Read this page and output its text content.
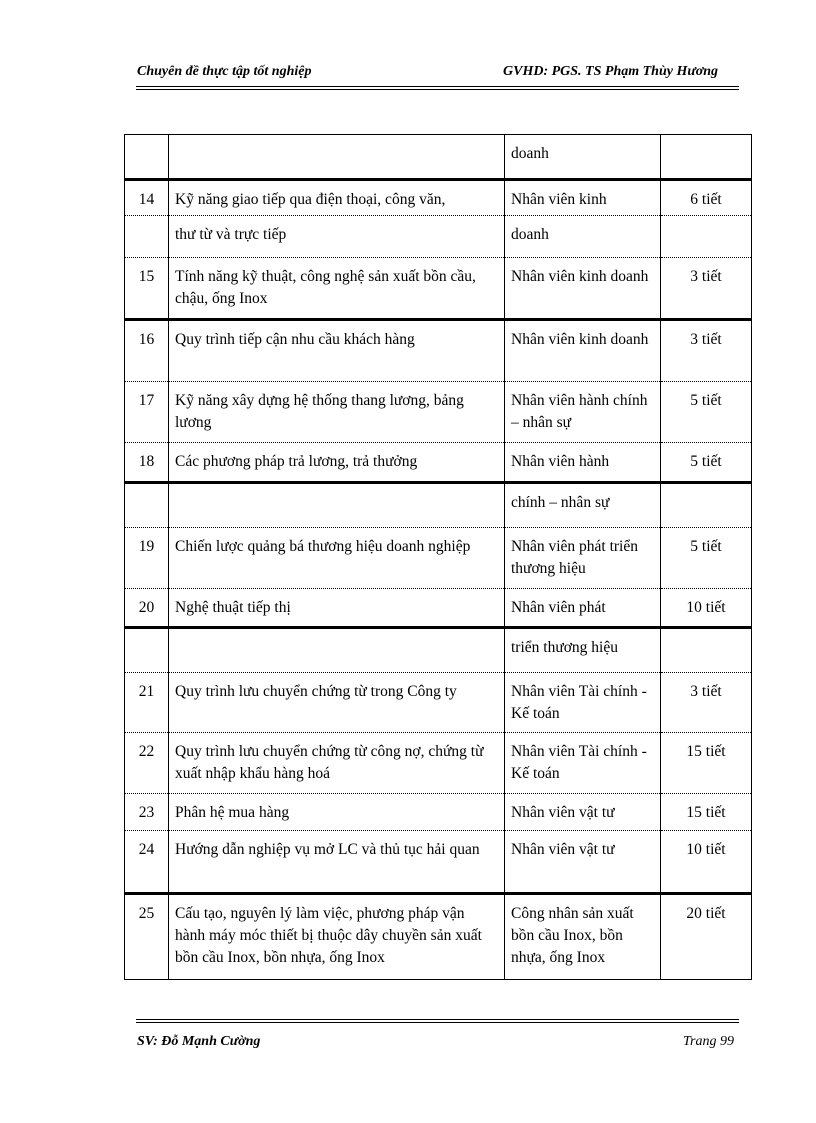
Chuyên đề thực tập tốt nghiệp	GVHD: PGS. TS Phạm Thùy Hương
		doanh	
14	Kỹ năng giao tiếp qua điện thoại, công văn,	Nhân viên kinh	6 tiết
	thư từ và trực tiếp	doanh	
15	Tính năng kỹ thuật, công nghệ sản xuất bồn cầu, chậu, ống Inox	Nhân viên kinh doanh	3 tiết
16	Quy trình tiếp cận nhu cầu khách hàng	Nhân viên kinh doanh	3 tiết
17	Kỹ năng xây dựng hệ thống thang lương, bảng lương	Nhân viên hành chính – nhân sự	5 tiết
18	Các phương pháp trả lương, trả thưởng	Nhân viên hành	5 tiết
		chính – nhân sự	
19	Chiến lược quảng bá thương hiệu doanh nghiệp	Nhân viên phát triển thương hiệu	5 tiết
20	Nghệ thuật tiếp thị	Nhân viên phát	10 tiết
		triển thương hiệu	
21	Quy trình lưu chuyển chứng từ trong Công ty	Nhân viên Tài chính - Kế toán	3 tiết
22	Quy trình lưu chuyển chứng từ công nợ, chứng từ xuất nhập khẩu hàng hoá	Nhân viên Tài chính - Kế toán	15 tiết
23	Phân hệ mua hàng	Nhân viên vật tư	15 tiết
24	Hướng dẫn nghiệp vụ mở LC và thủ tục hải quan	Nhân viên vật tư	10 tiết
25	Cấu tạo, nguyên lý làm việc, phương pháp vận hành máy móc thiết bị thuộc dây chuyền sản xuất bồn cầu Inox, bồn nhựa, ống Inox	Công nhân sản xuất bồn cầu Inox, bồn nhựa, ống Inox	20 tiết
SV: Đỗ Mạnh Cường	Trang 99
